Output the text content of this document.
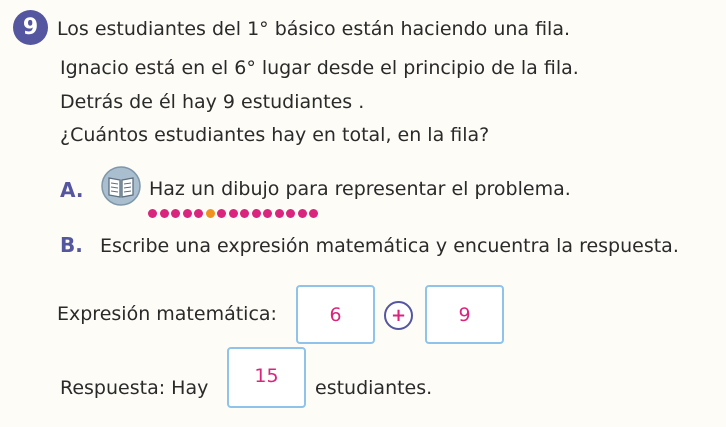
9 Los estudiantes del 1° básico están haciendo una fila.
Ignacio está en el 6° lugar desde el principio de la fila.
Detrás de él hay 9 estudiantes .
¿Cuántos estudiantes hay en total, en la fila?
A.	Haz un dibujo para representar el problema.
B. Escribe una expresión matemática y encuentra la respuesta.
Expresión matemática:	6	+	9
Respuesta: Hay
15
estudiantes.
